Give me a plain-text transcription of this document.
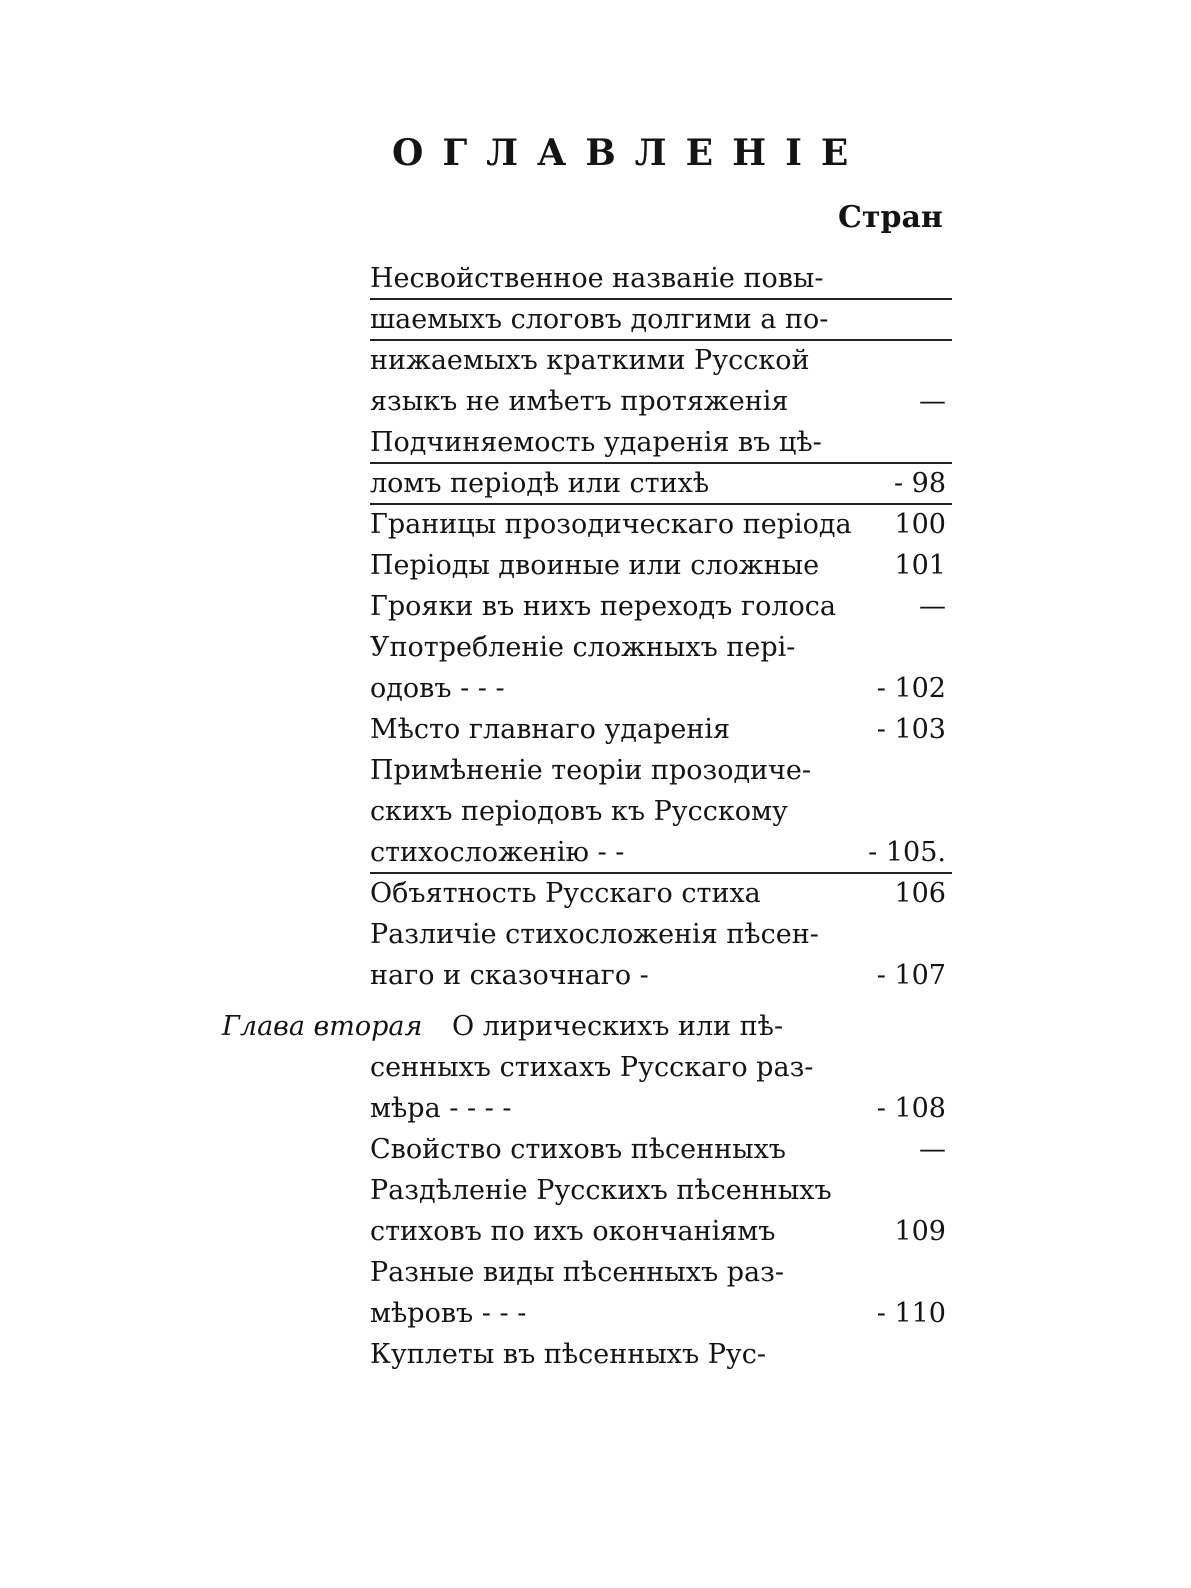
ОГЛАВЛЕНІЕ
Стран
Несвойственное названіе повы-
шаемыхъ слоговъ долгими а по-
нижаемыхъ краткими Русской
языкъ не имѣетъ протяженія	—
Подчиняемость ударенія въ цѣ-
ломъ періодѣ или стихѣ	- 98
Границы прозодическаго періода 100
Періоды двоиные или сложные	101
Грояки въ нихъ переходъ голоса	—
Употребленіе сложныхъ пері-
одовъ - - -	- 102
Мѣсто главнаго ударенія	- 103
Примѣненіе теоріи прозодиче-
скихъ періодовъ къ Русскому
стихосложенію - -	- 105.
Объятность Русскаго стиха	106
Различіе стихосложенія пѣсен-
наго и сказочнаго -	- 107
Глава вторая О лирическихъ или пѣ-
сенныхъ стихахъ Русскаго раз-
мѣра - - - -	- 108
Свойство стиховъ пѣсенныхъ	—
Раздѣленіе Русскихъ пѣсенныхъ
стиховъ по ихъ окончаніямъ	109
Разные виды пѣсенныхъ раз-
мѣровъ - - -	- 110
Куплеты въ пѣсенныхъ Рус-
